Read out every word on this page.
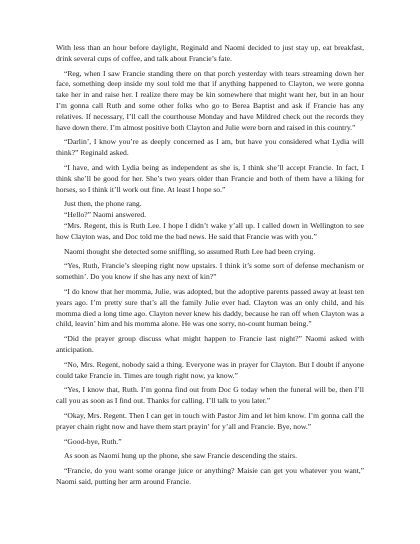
With less than an hour before daylight, Reginald and Naomi decided to just stay up, eat breakfast, drink several cups of coffee, and talk about Francie’s fate.

“Reg, when I saw Francie standing there on that porch yesterday with tears streaming down her face, something deep inside my soul told me that if anything happened to Clayton, we were gonna take her in and raise her. I realize there may be kin somewhere that might want her, but in an hour I’m gonna call Ruth and some other folks who go to Berea Baptist and ask if Francie has any relatives. If necessary, I’ll call the courthouse Monday and have Mildred check out the records they have down there. I’m almost positive both Clayton and Julie were born and raised in this country.”

“Darlin’, I know you’re as deeply concerned as I am, but have you considered what Lydia will think?” Reginald asked.

“I have, and with Lydia being as independent as she is, I think she’ll accept Francie. In fact, I think she’ll be good for her. She’s two years older than Francie and both of them have a liking for horses, so I think it’ll work out fine. At least I hope so.”

Just then, the phone rang.

“Hello?” Naomi answered.

“Mrs. Regent, this is Ruth Lee. I hope I didn’t wake y’all up. I called down in Wellington to see how Clayton was, and Doc told me the bad news. He said that Francie was with you.”

Naomi thought she detected some sniffling, so assumed Ruth Lee had been crying.

“Yes, Ruth, Francie’s sleeping right now upstairs. I think it’s some sort of defense mechanism or somethin’. Do you know if she has any next of kin?”

“I do know that her momma, Julie, was adopted, but the adoptive parents passed away at least ten years ago. I’m pretty sure that’s all the family Julie ever had. Clayton was an only child, and his momma died a long time ago. Clayton never knew his daddy, because he ran off when Clayton was a child, leavin’ him and his momma alone. He was one sorry, no-count human being.”

“Did the prayer group discuss what might happen to Francie last night?” Naomi asked with anticipation.

“No, Mrs. Regent, nobody said a thing. Everyone was in prayer for Clayton. But I doubt if anyone could take Francie in. Times are tough right now, ya know.”

“Yes, I know that, Ruth. I’m gonna find out from Doc G today when the funeral will be, then I’ll call you as soon as I find out. Thanks for calling. I’ll talk to you later.”

“Okay, Mrs. Regent. Then I can get in touch with Pastor Jim and let him know. I’m gonna call the prayer chain right now and have them start prayin’ for y’all and Francie. Bye, now.”

“Good-bye, Ruth.”

As soon as Naomi hung up the phone, she saw Francie descending the stairs.

“Francie, do you want some orange juice or anything? Maisie can get you whatever you want,” Naomi said, putting her arm around Francie.
